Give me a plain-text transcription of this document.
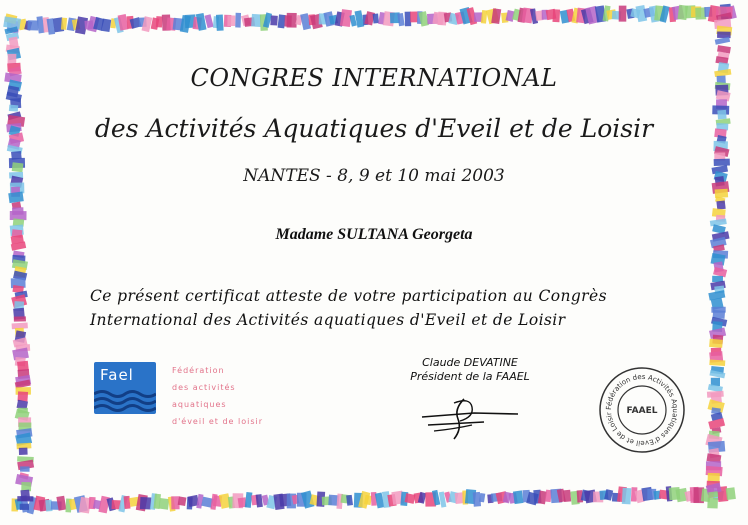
CONGRES INTERNATIONAL
des Activités Aquatiques d'Eveil et de Loisir
NANTES - 8, 9 et 10 mai 2003
Madame SULTANA Georgeta
Ce présent certificat atteste de votre participation au Congrès
International des Activités aquatiques d'Eveil et de Loisir
Fael	Fédération
des activités
aquatiques
d'éveil et de loisir
Claude DEVATINE
Président de la FAAEL
Fédération des Activités Aquatiques d'Eveil et de Loisir	FAAEL
